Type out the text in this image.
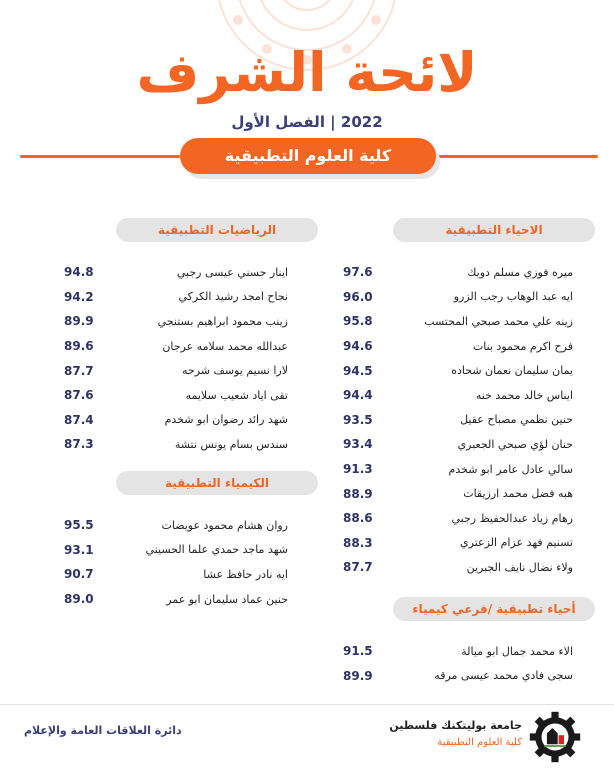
لائحة الشرف
2022 | الفصل الأول
كلية العلوم التطبيقية
الاحياء التطبيقية
97.6	ميره فوزي مسلم دويك
96.0	ايه عبد الوهاب رجب الزرو
95.8	زينه علي محمد صبحي المحتسب
94.6	فرح اكرم محمود بنات
94.5	يمان سليمان نعمان شحاده
94.4	ايناس خالد محمد خنه
93.5	حنين نظمي مصباح عقيل
93.4	حنان لؤي صبحي الجعبري
91.3	سالي عادل عامر ابو شخدم
88.9	هبه فضل محمد ارزيقات
88.6	رهام زياد عبدالحفيظ رجبي
88.3	تسنيم فهد عزام الزعتري
87.7	ولاء نضال نايف الجبرين
أحياء تطبيقية /فرعي كيمياء
91.5	الاء محمد جمال ابو ميالة
89.9	سجى فادي محمد عيسى مرقه
الرياضيات التطبيقية
94.8	اينار حسني عيسى رجبي
94.2	نجاح امجد رشيد الكركي
89.9	زينب محمود ابراهيم بستنجي
89.6	عبدالله محمد سلامه عرجان
87.7	لارا نسيم يوسف شرحه
87.6	تقى اياد شعيب سلايمه
87.4	شهد رائد رضوان ابو شخدم
87.3	سندس بسام يونس نتشة
الكيمياء التطبيقية
95.5	روان هشام محمود عويضات
93.1	شهد ماجد حمدي علما الحسيني
90.7	ايه نادر حافظ عشا
89.0	حنين عماد سليمان ابو عمر
دائرة العلاقات العامة والإعلام	جامعة بوليتكنك فلسطين
كلية العلوم التطبيقية
